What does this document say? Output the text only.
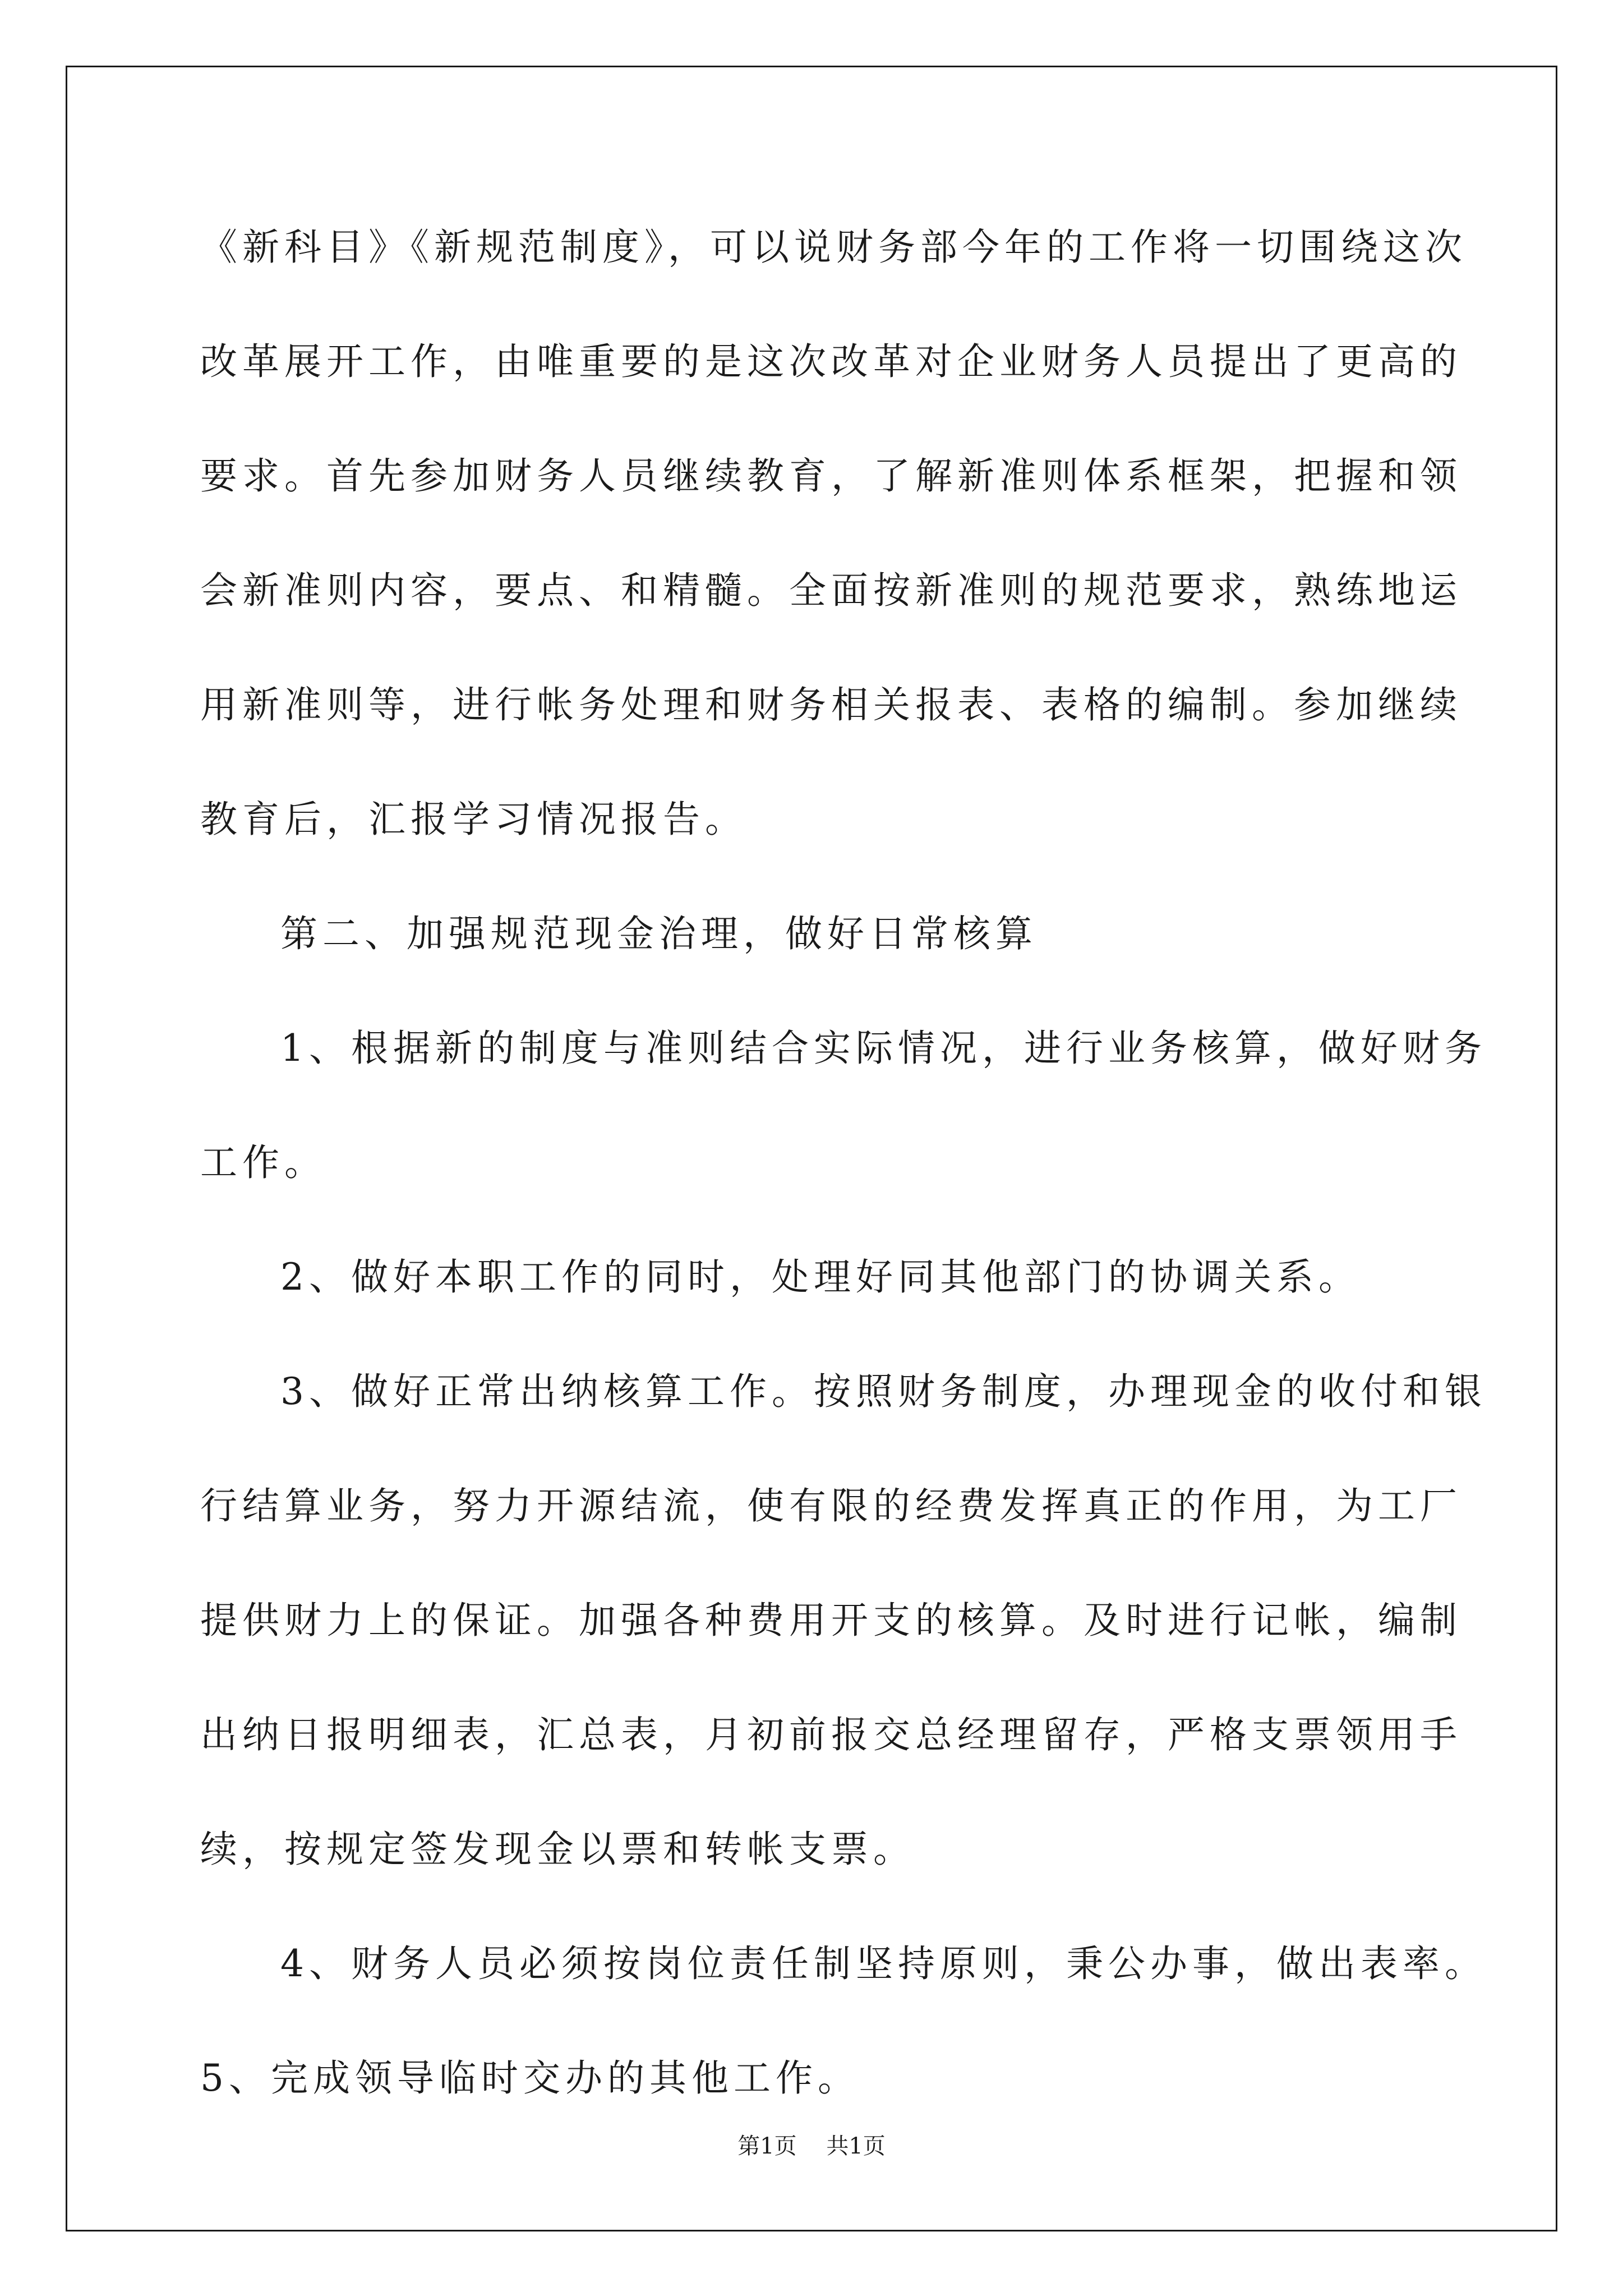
《新科目》《新规范制度》，可以说财务部今年的工作将一切围绕这次

改革展开工作，由唯重要的是这次改革对企业财务人员提出了更高的

要求。首先参加财务人员继续教育，了解新准则体系框架，把握和领

会新准则内容，要点、和精髓。全面按新准则的规范要求，熟练地运

用新准则等，进行帐务处理和财务相关报表、表格的编制。参加继续

教育后，汇报学习情况报告。

第二、加强规范现金治理，做好日常核算

1、根据新的制度与准则结合实际情况，进行业务核算，做好财务

工作。

2、做好本职工作的同时，处理好同其他部门的协调关系。

3、做好正常出纳核算工作。按照财务制度，办理现金的收付和银

行结算业务，努力开源结流，使有限的经费发挥真正的作用，为工厂

提供财力上的保证。加强各种费用开支的核算。及时进行记帐，编制

出纳日报明细表，汇总表，月初前报交总经理留存，严格支票领用手

续，按规定签发现金以票和转帐支票。

4、财务人员必须按岗位责任制坚持原则，秉公办事，做出表率。

5、完成领导临时交办的其他工作。

第1页 共1页
